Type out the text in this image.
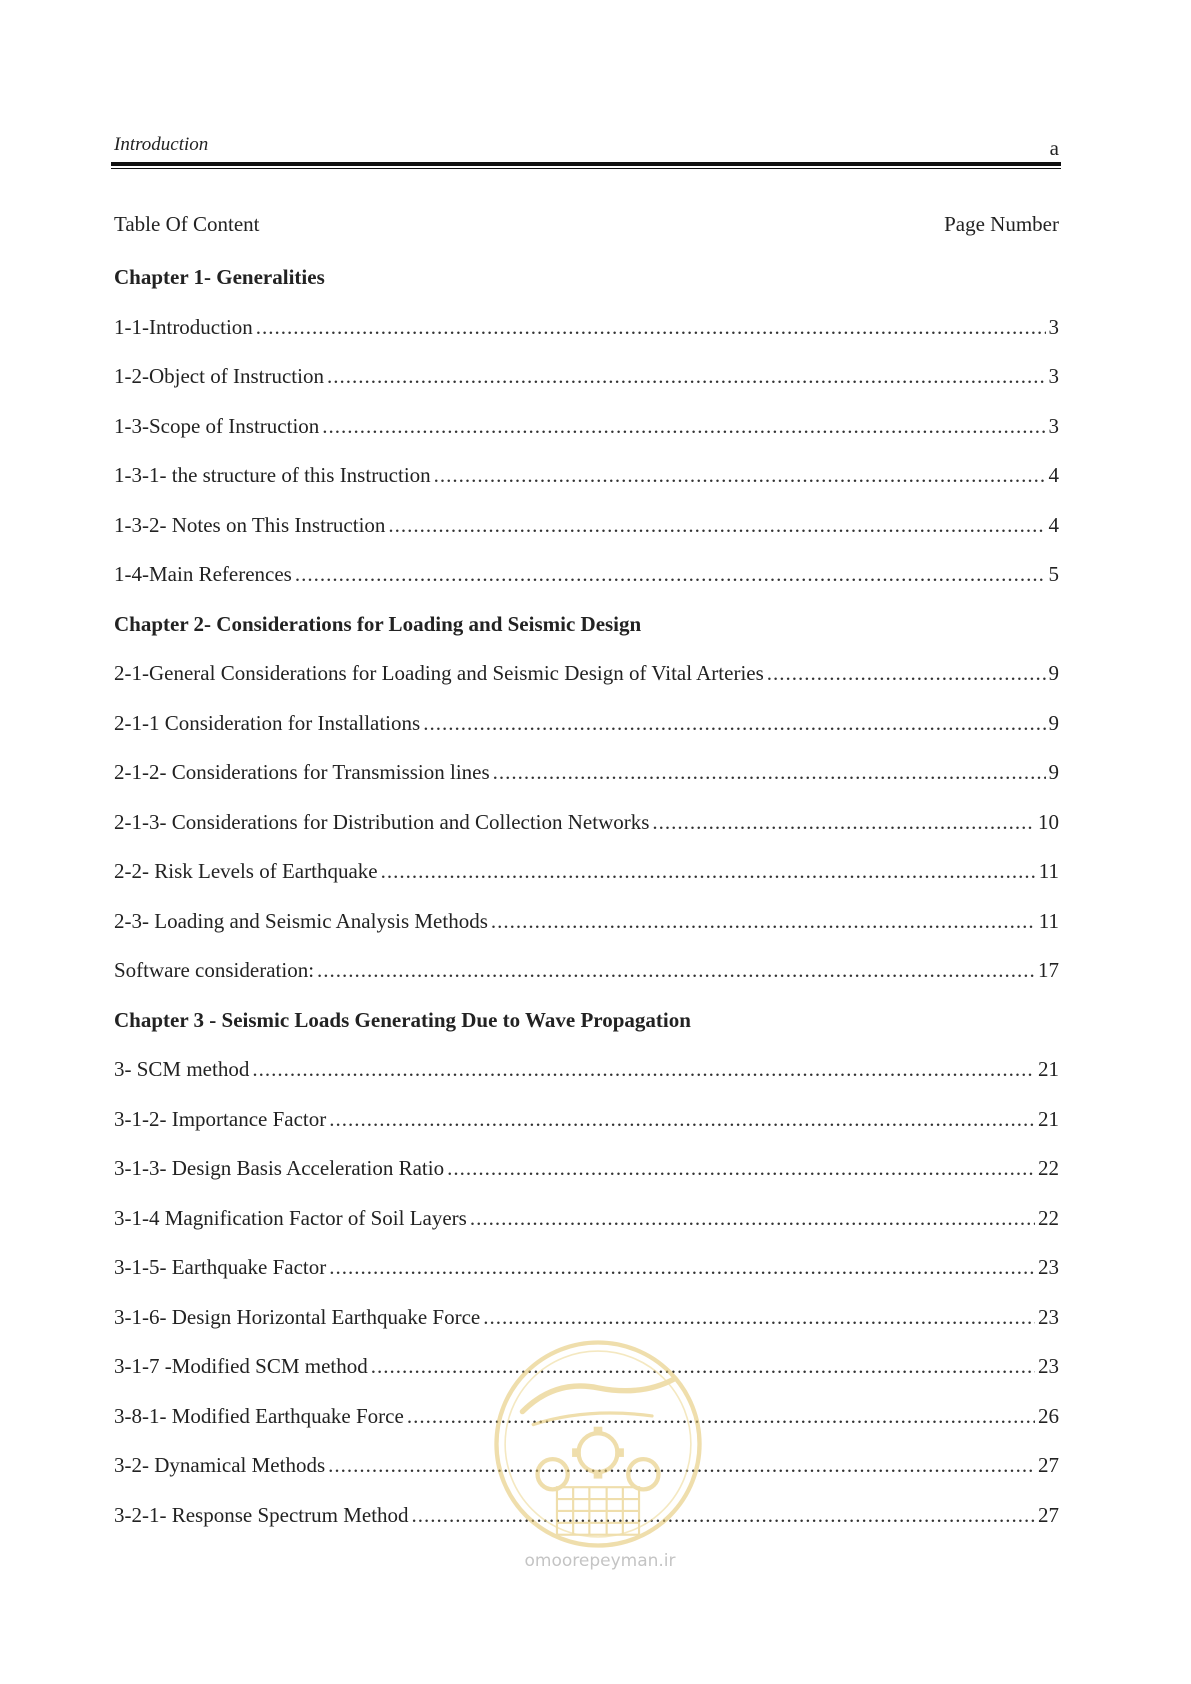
Introduction	a
Table Of Content	Page Number
Chapter 1- Generalities
1-1-Introduction .....	3
1-2-Object of Instruction .....	3
1-3-Scope of Instruction .....	3
1-3-1- the structure of this Instruction .....	4
1-3-2- Notes on This Instruction .....	4
1-4-Main References .....	5
Chapter 2- Considerations for Loading and Seismic Design
2-1-General Considerations for Loading and Seismic Design of Vital Arteries .....	9
2-1-1 Consideration for Installations .....	9
2-1-2- Considerations for Transmission lines .....	9
2-1-3- Considerations for Distribution and Collection Networks .....	10
2-2- Risk Levels of Earthquake .....	11
2-3- Loading and Seismic Analysis Methods .....	11
Software consideration: .....	17
Chapter 3 - Seismic Loads Generating Due to Wave Propagation
3- SCM method .....	21
3-1-2- Importance Factor .....	21
3-1-3- Design Basis Acceleration Ratio .....	22
3-1-4 Magnification Factor of Soil Layers .....	22
3-1-5- Earthquake Factor .....	23
3-1-6- Design Horizontal Earthquake Force .....	23
3-1-7 -Modified SCM method .....	23
3-8-1- Modified Earthquake Force .....	26
3-2- Dynamical Methods .....	27
3-2-1- Response Spectrum Method .....	27
omoorepeyman.ir
